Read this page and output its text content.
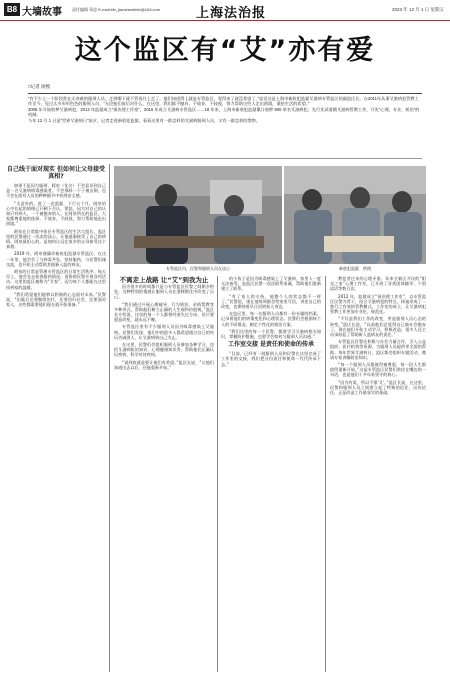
B8 大墙故事	责任编辑 章思 E-mail:bfz_jianshenbfzb@163.com	上海法治报	2023 年 12 月 1 日 星期五
这个监区有“艾”亦有爱
□记者 徐熙
“有不少上一个阶段常在无奈难的服刑人员，走到哪下就不管再往上走了。他们知道得上就是专管监区，觉得来了就没希望了。”说话这是上海市新收犯监狱艾滋病专管监区的副监区长。自2011年从事艾滋病犯管教工作至今，见过太多形形色色的服刑人员，“无论他们前后对什么，在这里，我们都不抛弃，不放弃，不歧视，努力帮助这些人走出困境，重拾生活的希望。”
2005 年开始收押艾滋病犯，2012 年监狱成立“预决理工作室”，2016 年成立艾滋病专管监区……18 年来，上海市新收犯监狱累计收押 900 余名艾滋病犯，先行先试着摸艾滋病管教工作，开发“心理，专业，矫治”的机制。
今年 12 月 1 日是“世界艾滋病日”前夕，记者走进新收犯监狱，看看这里有一群怎样的艾滋病服刑人员，又有一群怎样的警察。
自己线于面对现实 但如何让父母接受真相?

如果不是因为服刑，阿泉（化名）不会意识到自己是一名艾滋病病毒感染者。不会那样一下子被击倒，也不会在面对人员的种种细节中找到安全感。

“太意外的。进了一次监狱，下行五个月，阿泉的心中长起的情绪已只剩下否认，愤怒，因为对自己的认知只有病人，一个被抛弃的人。在阿泉所在的监区，大家都尊重他的选择，不放弃，不歧视，努力帮助他走出困境。”

阿泉在日常狱中担任专管监区的生活大组长，监区里的民警通过一次次的谈心，让他逐渐接受了自己的病情。阿泉最担心的，是如何让远在家乡的父母接受这个真相。

2019 年，阿泉被确诊新收犯监狱专管监区。在这一年里，他学会了与病毒共处，坚持服药，与民警坦诚交流，也开始主动帮助其他新入监的病友。

阿泉的日常是管理专管监区的日常生活秩序。每天早上，他会先去检查服药情况，再协助民警开展各项活动。这里的监区被称为“艾家”，因为每个人都能在这里找到家的温暖。

“我们希望他们能够以积极的心态面对未来。”民警说，“出狱后还要继续治疗，还要回归社会，还要面对家人，这些都需要他们现在就开始准备。”

专管监区内，民警和服刑人员在谈心	新收犯监狱　供图
不离走上战路 让“艾”到我为止

因为很多的时间都只是与专管监区民警之间朝夕相处，这种特别的情感让服刑人员在潜移默化中改变了自己。

“我们通过开展心理辅导、行为矫治、亲情帮教等多种形式，帮助他们树立正确的人生观和价值观。”监区长介绍说，这里的每一个人都曾经迷失过方向，但只要愿意改变，就永远不晚。

专管监区里有不少服刑人员因为吸毒感染上艾滋病。民警们发现，他们中的很多人都希望通过自己的经历告诫别人，让艾滋病到自己为止。

在这里，民警们会组织服刑人员参加各种学习，包括艾滋病防治知识、心理健康知识等，帮助他们正确认识疾病、科学对待疾病。

“说到底就是要让他们有希望。”监区长说，“让他们知道出去以后，还能重新开始。”

的小伙子是因为吸毒感染上了艾滋病，家里人一度无法接受，是监区民警一次次联系家属，帮助他们重新建立了联系。

“有了家人的支持，他整个人的状态都不一样了。”民警说，现在他每周都会给家里写信，讲述自己的改变，也期待着早日回到家人身边。

在监区里，每一名服刑人员都有一份专属的档案，记录着他们的病情变化和心理状态。民警们会根据每个人的不同情况，制定个性化的矫治方案。

“我们这里的每一个民警，都要学习艾滋病相关知识，掌握防护措施，也要学会如何与服刑人员沟通。”

工作室交接 是责任和使命的传承

“目前，已经有一批服刑人员和民警在这里完成了工作室的交接，我们把这份责任和使命一代代传承下去。”

教犯者过来的心理矛盾。年来全新区开设的“阳光之家”心理工作室，已开展了各类团体辅导、个别谈话等数百次。

2012 年，监狱成立“预决理工作室”，以专管监区民警为骨干，结合艾滋病犯的特点，探索形成了一套行之有效的管教模式。工作室的成立，让艾滋病犯管教工作更加专业化、规范化。

“不仅是我们工作的改变，更是服刑人员心态的转变。”监区长说，“以前他们总觉得自己被社会抛弃了，现在他们开始主动学习，积极改造，很多人还主动承担起了帮助新入监病友的责任。”

专管监区民警还积极与社会力量合作，引入公益组织、医疗机构等资源，为服刑人员提供更全面的帮助。每年世界艾滋病日，监区都会组织专题活动，邀请专家讲解防治知识。

“每一个服刑人员都值得被尊重，每一段人生都值得重新开始。”这是专管监区民警们常挂在嘴边的一句话，也是他们十多年来坚守的初心。

“因为有爱，所以不惧‘艾’。”监区长说，在这里，民警和服刑人员之间建立起了特殊的信任，这份信任，正是改造工作最坚实的基础。
